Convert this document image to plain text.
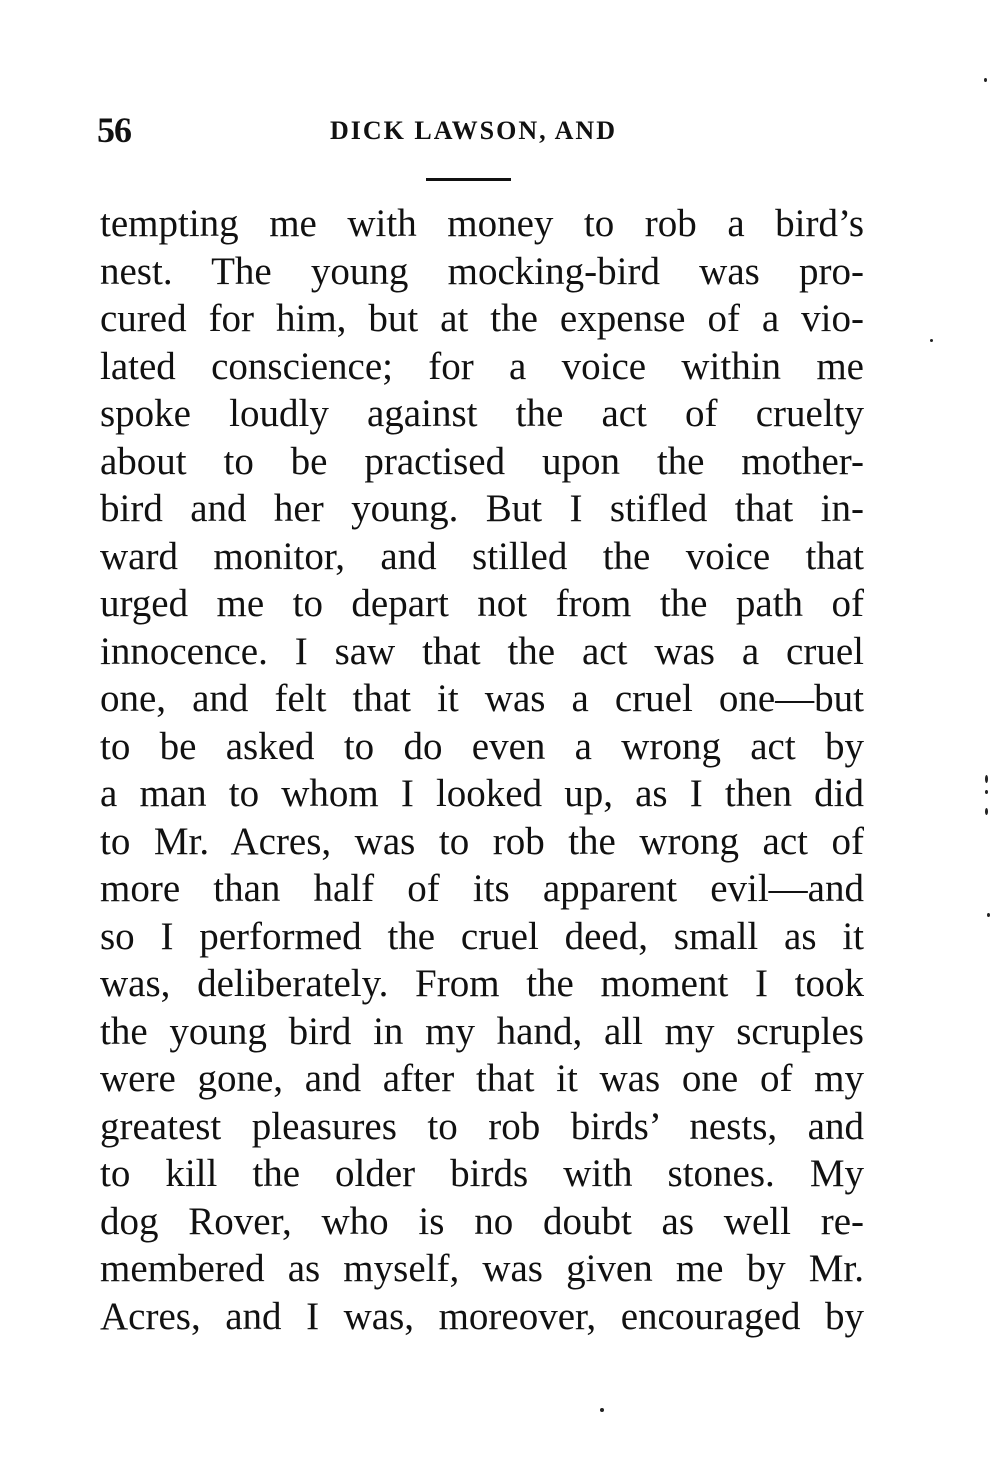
56	DICK LAWSON, AND
tempting me with money to rob a bird’s
nest. The young mocking-bird was pro-
cured for him, but at the expense of a vio-
lated conscience; for a voice within me
spoke loudly against the act of cruelty
about to be practised upon the mother-
bird and her young. But I stifled that in-
ward monitor, and stilled the voice that
urged me to depart not from the path of
innocence. I saw that the act was a cruel
one, and felt that it was a cruel one—but
to be asked to do even a wrong act by
a man to whom I looked up, as I then did
to Mr. Acres, was to rob the wrong act of
more than half of its apparent evil—and
so I performed the cruel deed, small as it
was, deliberately. From the moment I took
the young bird in my hand, all my scruples
were gone, and after that it was one of my
greatest pleasures to rob birds’ nests, and
to kill the older birds with stones. My
dog Rover, who is no doubt as well re-
membered as myself, was given me by Mr.
Acres, and I was, moreover, encouraged by
